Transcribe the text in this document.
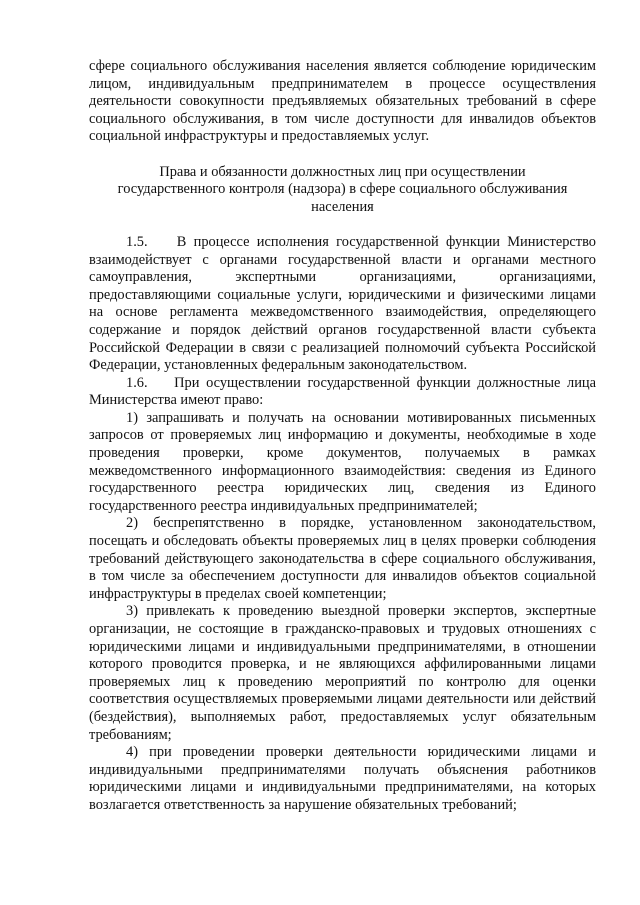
сфере социального обслуживания населения является соблюдение юридическим лицом, индивидуальным предпринимателем в процессе осуществления деятельности совокупности предъявляемых обязательных требований в сфере социального обслуживания, в том числе доступности для инвалидов объектов социальной инфраструктуры и предоставляемых услуг.

Права и обязанности должностных лиц при осуществлении государственного контроля (надзора) в сфере социального обслуживания населения

1.5.    В процессе исполнения государственной функции Министерство взаимодействует с органами государственной власти и органами местного самоуправления, экспертными организациями, организациями, предоставляющими социальные услуги, юридическими и физическими лицами на основе регламента межведомственного взаимодействия, определяющего содержание и порядок действий органов государственной власти субъекта Российской Федерации в связи с реализацией полномочий субъекта Российской Федерации, установленных федеральным законодательством.

1.6.    При осуществлении государственной функции должностные лица Министерства имеют право:

1) запрашивать и получать на основании мотивированных письменных запросов от проверяемых лиц информацию и документы, необходимые в ходе проведения проверки, кроме документов, получаемых в рамках межведомственного информационного взаимодействия: сведения из Единого государственного реестра юридических лиц, сведения из Единого государственного реестра индивидуальных предпринимателей;

2) беспрепятственно в порядке, установленном законодательством, посещать и обследовать объекты проверяемых лиц в целях проверки соблюдения требований действующего законодательства в сфере социального обслуживания, в том числе за обеспечением доступности для инвалидов объектов социальной инфраструктуры в пределах своей компетенции;

3) привлекать к проведению выездной проверки экспертов, экспертные организации, не состоящие в гражданско-правовых и трудовых отношениях с юридическими лицами и индивидуальными предпринимателями, в отношении которого проводится проверка, и не являющихся аффилированными лицами проверяемых лиц к проведению мероприятий по контролю для оценки соответствия осуществляемых проверяемыми лицами деятельности или действий (бездействия), выполняемых работ, предоставляемых услуг обязательным требованиям;

4) при проведении проверки деятельности юридическими лицами и индивидуальными предпринимателями получать объяснения работников юридическими лицами и индивидуальными предпринимателями, на которых возлагается ответственность за нарушение обязательных требований;
